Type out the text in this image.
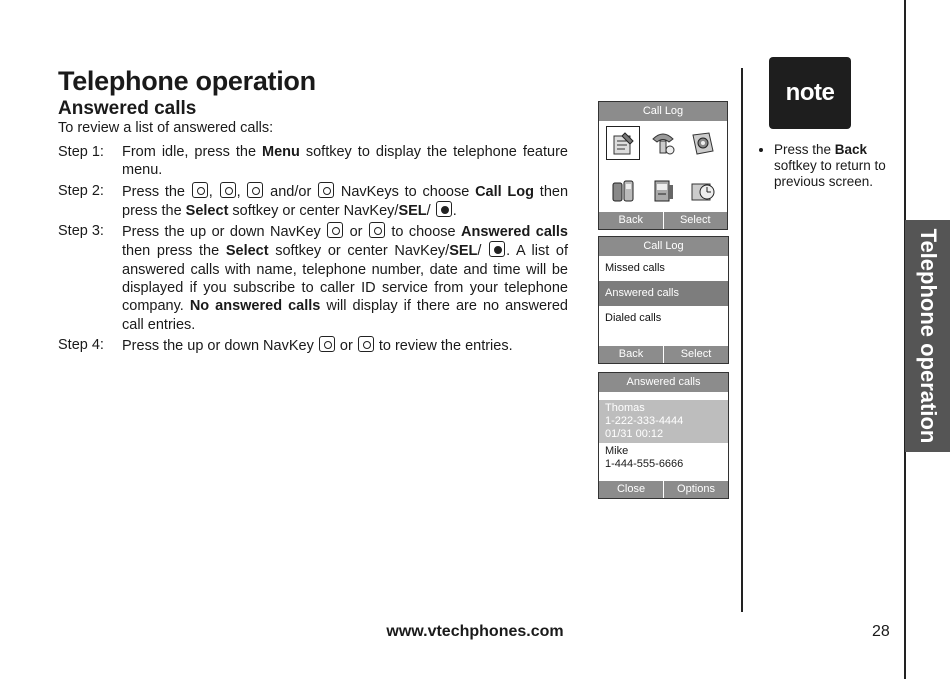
Telephone operation
Answered calls
To review a list of answered calls:
Step 1:	From idle, press the Menu softkey to display the telephone feature menu.
Step 2:	Press the , ,  and/or  NavKeys to choose Call Log then press the Select softkey or center NavKey/SEL/ .
Step 3:	Press the up or down NavKey  or  to choose Answered calls then press the Select softkey or center NavKey/SEL/ . A list of answered calls with name, telephone number, date and time will be displayed if you subscribe to caller ID service from your telephone company. No answered calls will display if there are no answered call entries.
Step 4:	Press the up or down NavKey  or  to review the entries.
Call Log
Back	Select
Call Log
Missed calls
Answered calls
Dialed calls
Back	Select
Answered calls
Thomas
1-222-333-4444
01/31 00:12
Mike
1-444-555-6666
Close	Options
note
• Press the Back softkey to return to previous screen.
Telephone operation
www.vtechphones.com	28
